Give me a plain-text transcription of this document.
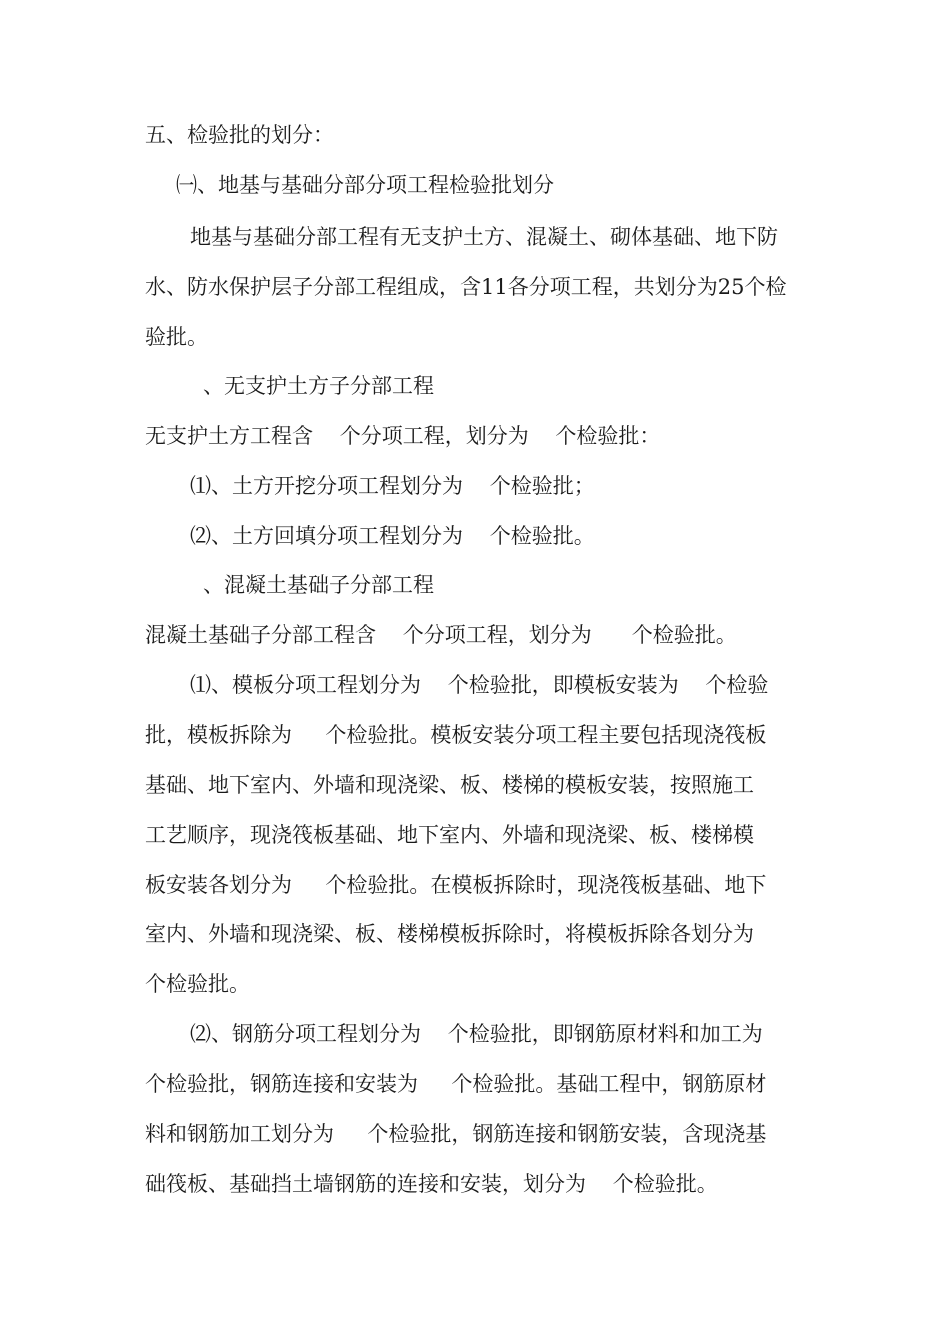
五、检验批的划分：

㈠、地基与基础分部分项工程检验批划分

地基与基础分部工程有无支护土方、混凝土、砌体基础、地下防

水、防水保护层子分部工程组成，含11各分项工程，共划分为25个检

验批。

、无支护土方子分部工程

无支护土方工程含    个分项工程，划分为    个检验批：

⑴、土方开挖分项工程划分为    个检验批；

⑵、土方回填分项工程划分为    个检验批。

、混凝土基础子分部工程

混凝土基础子分部工程含    个分项工程，划分为      个检验批。

⑴、模板分项工程划分为    个检验批，即模板安装为    个检验

批，模板拆除为     个检验批。模板安装分项工程主要包括现浇筏板

基础、地下室内、外墙和现浇梁、板、楼梯的模板安装，按照施工

工艺顺序，现浇筏板基础、地下室内、外墙和现浇梁、板、楼梯模

板安装各划分为     个检验批。在模板拆除时，现浇筏板基础、地下

室内、外墙和现浇梁、板、楼梯模板拆除时，将模板拆除各划分为

个检验批。

⑵、钢筋分项工程划分为    个检验批，即钢筋原材料和加工为

个检验批，钢筋连接和安装为     个检验批。基础工程中，钢筋原材

料和钢筋加工划分为     个检验批，钢筋连接和钢筋安装，含现浇基

础筏板、基础挡土墙钢筋的连接和安装，划分为    个检验批。
